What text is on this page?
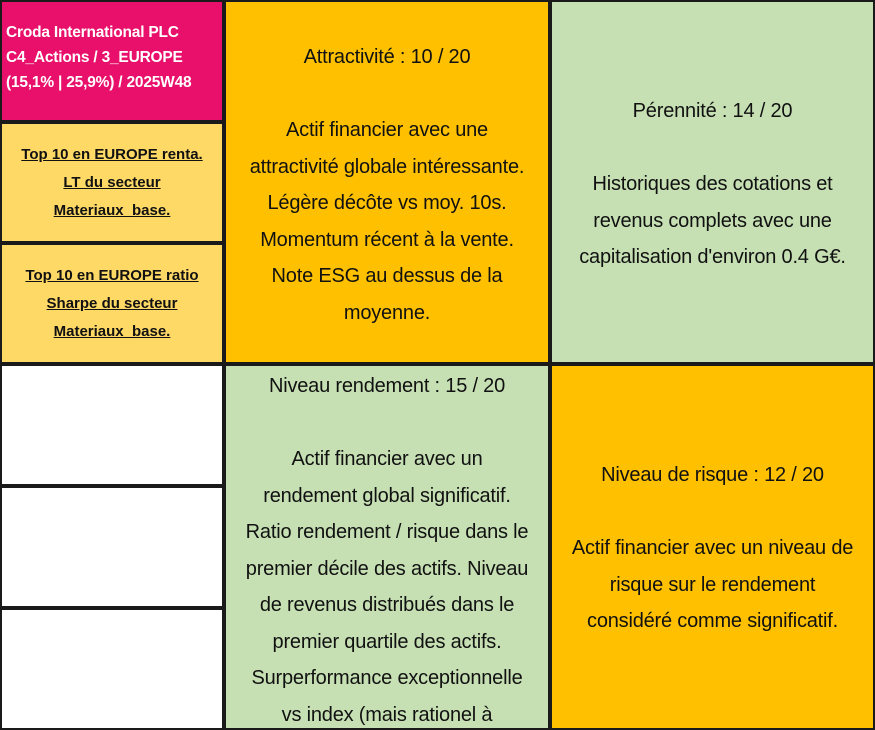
Croda International PLC
C4_Actions / 3_EUROPE
(15,1% | 25,9%) / 2025W48
Top 10 en EUROPE renta.
LT du secteur
Materiaux_base.
Top 10 en EUROPE ratio
Sharpe du secteur
Materiaux_base.
Attractivité : 10 / 20
Actif financier avec une
attractivité globale intéressante.
Légère décôte vs moy. 10s.
Momentum récent à la vente.
Note ESG au dessus de la
moyenne.
Pérennité : 14 / 20
Historiques des cotations et
revenus complets avec une
capitalisation d'environ 0.4 G€.
Niveau rendement : 15 / 20
Actif financier avec un
rendement global significatif.
Ratio rendement / risque dans le
premier décile des actifs. Niveau
de revenus distribués dans le
premier quartile des actifs.
Surperformance exceptionnelle
vs index (mais rationel à
Niveau de risque : 12 / 20
Actif financier avec un niveau de
risque sur le rendement
considéré comme significatif.
